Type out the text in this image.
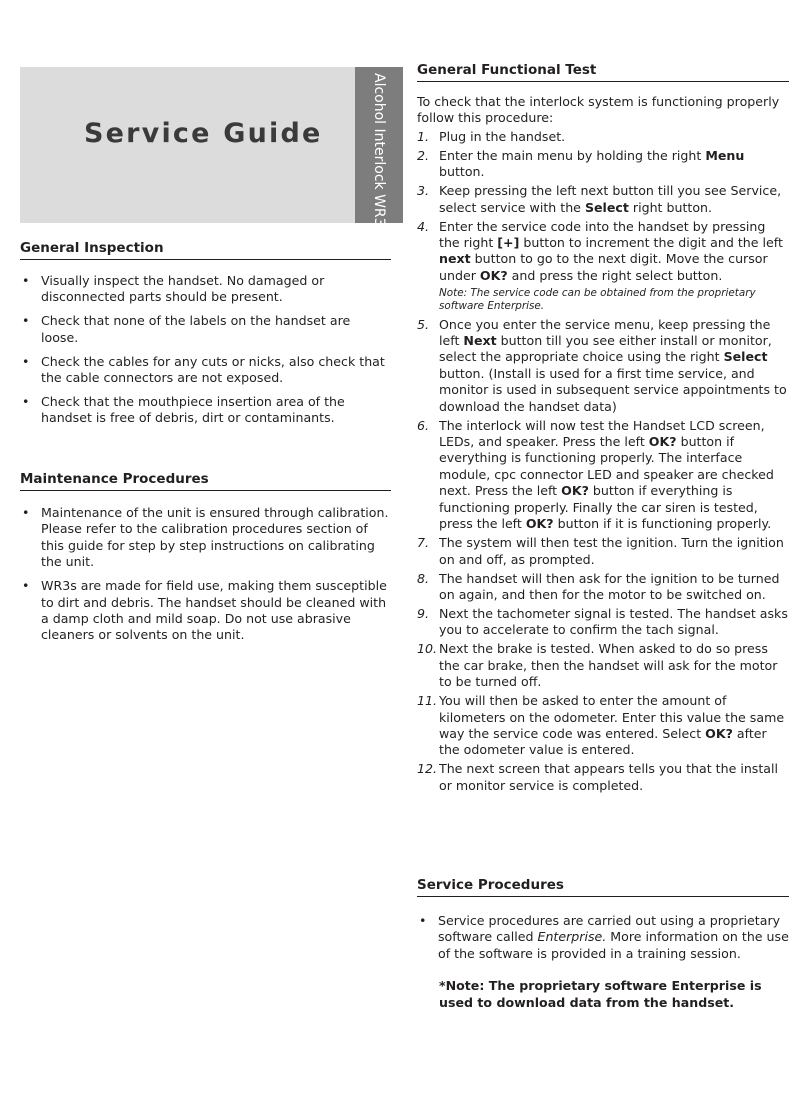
Service Guide	Alcohol Interlock WR3
General Inspection
• Visually inspect the handset. No damaged or disconnected parts should be present.
• Check that none of the labels on the handset are loose.
• Check the cables for any cuts or nicks, also check that the cable connectors are not exposed.
• Check that the mouthpiece insertion area of the handset is free of debris, dirt or contaminants.
Maintenance Procedures
• Maintenance of the unit is ensured through calibration. Please refer to the calibration procedures section of this guide for step by step instructions on calibrating the unit.
• WR3s are made for field use, making them susceptible to dirt and debris. The handset should be cleaned with a damp cloth and mild soap. Do not use abrasive cleaners or solvents on the unit.
General Functional Test

To check that the interlock system is functioning properly follow this procedure:

1. Plug in the handset.
2. Enter the main menu by holding the right Menu button.
3. Keep pressing the left next button till you see Service, select service with the Select right button.
4. Enter the service code into the handset by pressing the right [+] button to increment the digit and the left next button to go to the next digit. Move the cursor under OK? and press the right select button.
Note: The service code can be obtained from the proprietary software Enterprise.
5. Once you enter the service menu, keep pressing the left Next button till you see either install or monitor, select the appropriate choice using the right Select button. (Install is used for a first time service, and monitor is used in subsequent service appointments to download the handset data)
6. The interlock will now test the Handset LCD screen, LEDs, and speaker. Press the left OK? button if everything is functioning properly. The interface module, cpc connector LED and speaker are checked next. Press the left OK? button if everything is functioning properly. Finally the car siren is tested, press the left OK? button if it is functioning properly.
7. The system will then test the ignition. Turn the ignition on and off, as prompted.
8. The handset will then ask for the ignition to be turned on again, and then for the motor to be switched on.
9. Next the tachometer signal is tested. The handset asks you to accelerate to confirm the tach signal.
10. Next the brake is tested. When asked to do so press the car brake, then the handset will ask for the motor to be turned off.
11. You will then be asked to enter the amount of kilometers on the odometer. Enter this value the same way the service code was entered. Select OK? after the odometer value is entered.
12. The next screen that appears tells you that the install or monitor service is completed.
Service Procedures
• Service procedures are carried out using a proprietary software called Enterprise. More information on the use of the software is provided in a training session.
*Note: The proprietary software Enterprise is used to download data from the handset.
